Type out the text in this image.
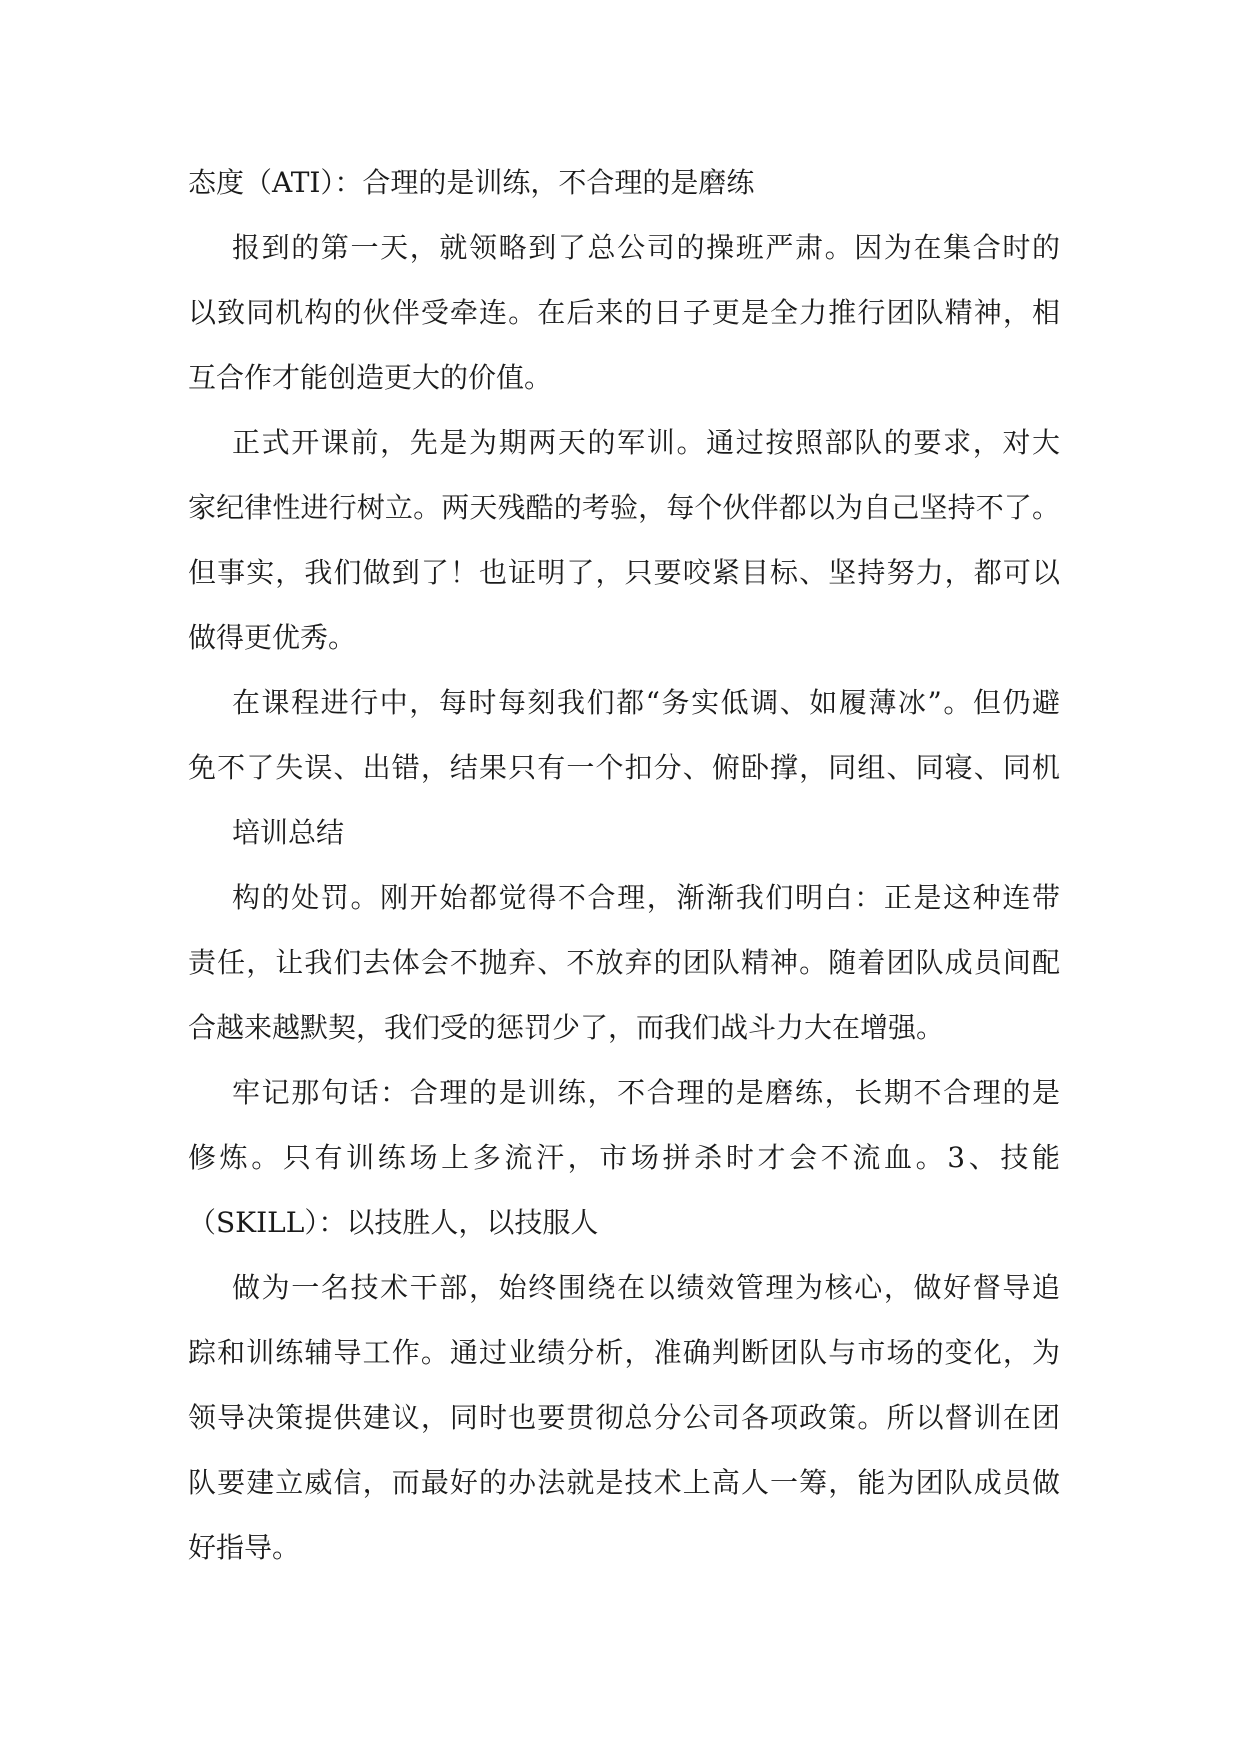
态度（ATI）：合理的是训练，不合理的是磨练
报到的第一天，就领略到了总公司的操班严肃。因为在集合时的
以致同机构的伙伴受牵连。在后来的日子更是全力推行团队精神，相
互合作才能创造更大的价值。
正式开课前，先是为期两天的军训。通过按照部队的要求，对大
家纪律性进行树立。两天残酷的考验，每个伙伴都以为自己坚持不了。
但事实，我们做到了！也证明了，只要咬紧目标、坚持努力，都可以
做得更优秀。
在课程进行中，每时每刻我们都“务实低调、如履薄冰”。但仍避
免不了失误、出错，结果只有一个扣分、俯卧撑，同组、同寝、同机
培训总结
构的处罚。刚开始都觉得不合理，渐渐我们明白：正是这种连带
责任，让我们去体会不抛弃、不放弃的团队精神。随着团队成员间配
合越来越默契，我们受的惩罚少了，而我们战斗力大在增强。
牢记那句话：合理的是训练，不合理的是磨练，长期不合理的是
修炼。只有训练场上多流汗，市场拼杀时才会不流血。3、技能
（SKILL）：以技胜人，以技服人
做为一名技术干部，始终围绕在以绩效管理为核心，做好督导追
踪和训练辅导工作。通过业绩分析，准确判断团队与市场的变化，为
领导决策提供建议，同时也要贯彻总分公司各项政策。所以督训在团
队要建立威信，而最好的办法就是技术上高人一筹，能为团队成员做
好指导。
